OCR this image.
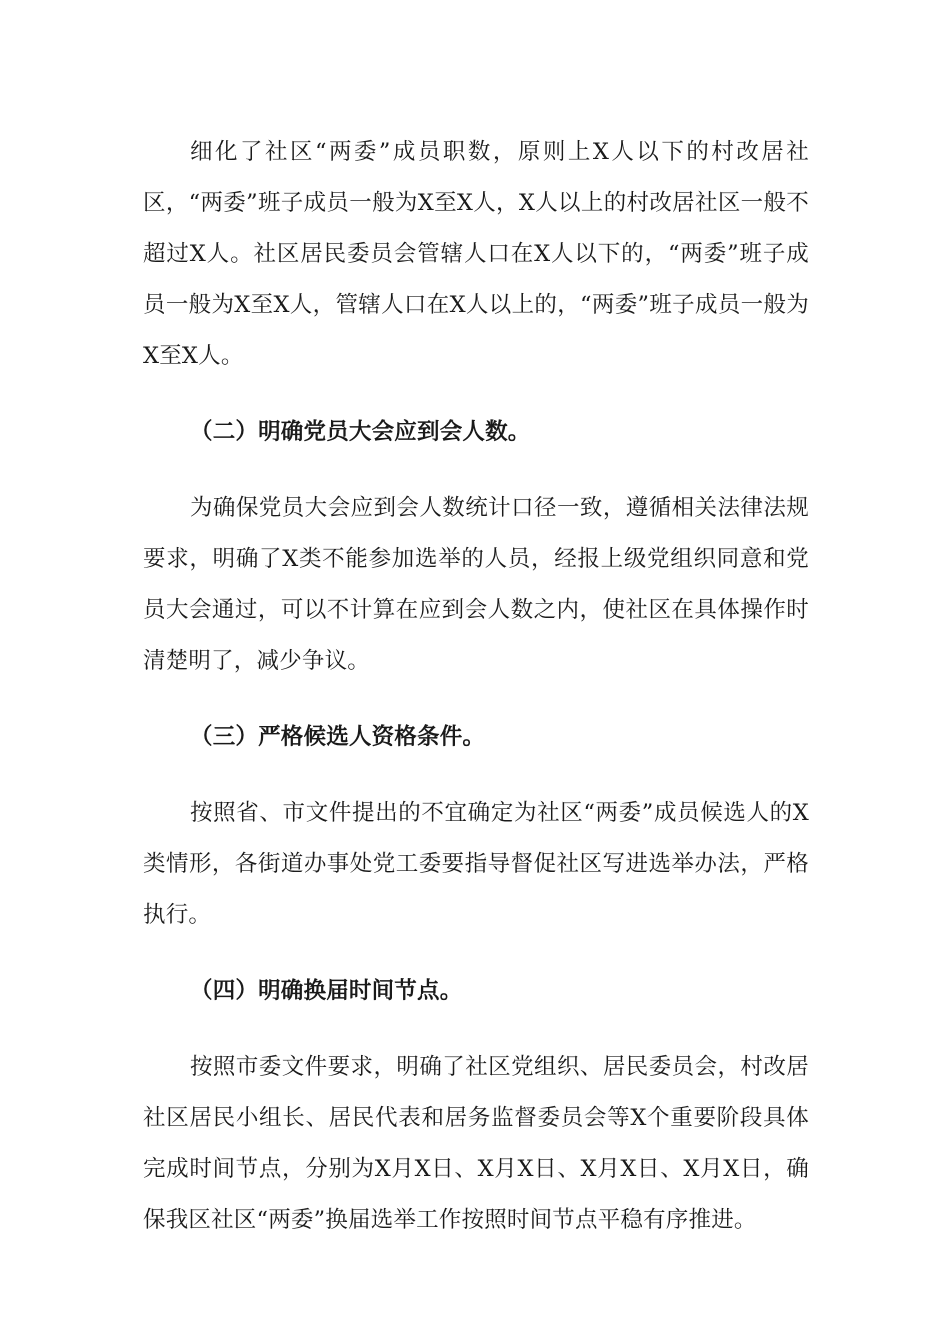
细化了社区“两委”成员职数，原则上X人以下的村改居社区，“两委”班子成员一般为X至X人，X人以上的村改居社区一般不超过X人。社区居民委员会管辖人口在X人以下的，“两委”班子成员一般为X至X人，管辖人口在X人以上的，“两委”班子成员一般为X至X人。

（二）明确党员大会应到会人数。

为确保党员大会应到会人数统计口径一致，遵循相关法律法规要求，明确了X类不能参加选举的人员，经报上级党组织同意和党员大会通过，可以不计算在应到会人数之内，使社区在具体操作时清楚明了，减少争议。

（三）严格候选人资格条件。

按照省、市文件提出的不宜确定为社区“两委”成员候选人的X类情形，各街道办事处党工委要指导督促社区写进选举办法，严格执行。

（四）明确换届时间节点。

按照市委文件要求，明确了社区党组织、居民委员会，村改居社区居民小组长、居民代表和居务监督委员会等X个重要阶段具体完成时间节点，分别为X月X日、X月X日、X月X日、X月X日，确保我区社区“两委”换届选举工作按照时间节点平稳有序推进。
